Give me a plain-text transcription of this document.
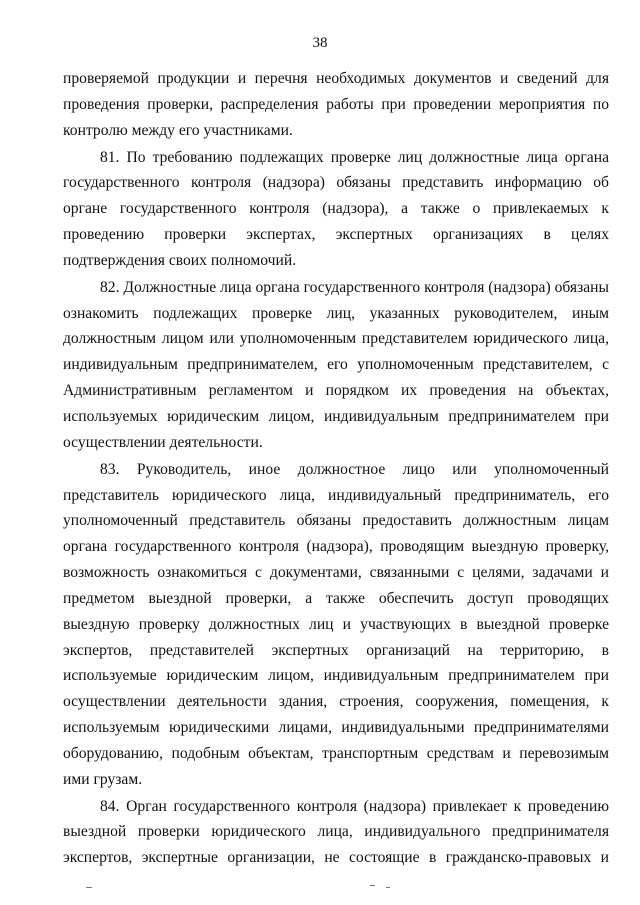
38

проверяемой продукции и перечня необходимых документов и сведений для проведения проверки, распределения работы при проведении мероприятия по контролю между его участниками.

81. По требованию подлежащих проверке лиц должностные лица органа государственного контроля (надзора) обязаны представить информацию об органе государственного контроля (надзора), а также о привлекаемых к проведению проверки экспертах, экспертных организациях в целях подтверждения своих полномочий.

82. Должностные лица органа государственного контроля (надзора) обязаны ознакомить подлежащих проверке лиц, указанных руководителем, иным должностным лицом или уполномоченным представителем юридического лица, индивидуальным предпринимателем, его уполномоченным представителем, с Административным регламентом и порядком их проведения на объектах, используемых юридическим лицом, индивидуальным предпринимателем при осуществлении деятельности.

83. Руководитель, иное должностное лицо или уполномоченный представитель юридического лица, индивидуальный предприниматель, его уполномоченный представитель обязаны предоставить должностным лицам органа государственного контроля (надзора), проводящим выездную проверку, возможность ознакомиться с документами, связанными с целями, задачами и предметом выездной проверки, а также обеспечить доступ проводящих выездную проверку должностных лиц и участвующих в выездной проверке экспертов, представителей экспертных организаций на территорию, в используемые юридическим лицом, индивидуальным предпринимателем при осуществлении деятельности здания, строения, сооружения, помещения, к используемым юридическими лицами, индивидуальными предпринимателями оборудованию, подобным объектам, транспортным средствам и перевозимым ими грузам.

84. Орган государственного контроля (надзора) привлекает к проведению выездной проверки юридического лица, индивидуального предпринимателя экспертов, экспертные организации, не состоящие в гражданско-правовых и
